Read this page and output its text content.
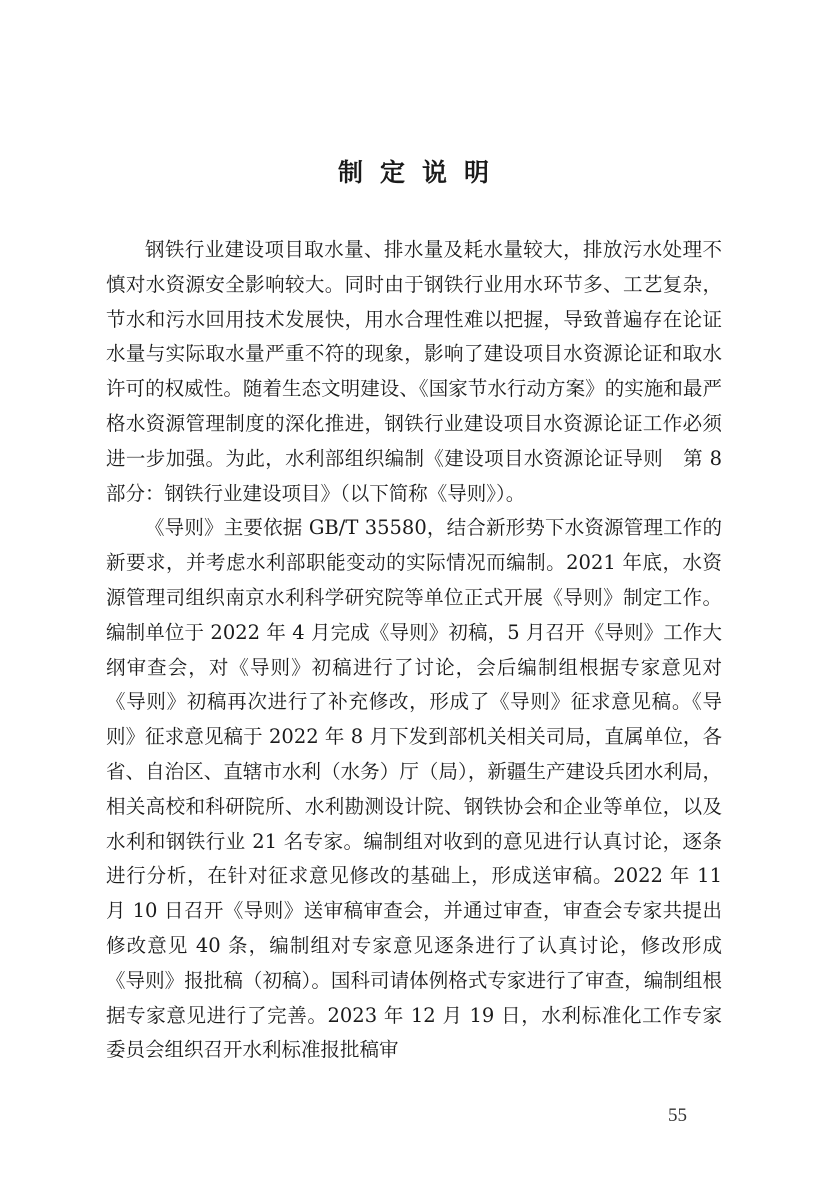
制定说明

钢铁行业建设项目取水量、排水量及耗水量较大，排放污水处理不慎对水资源安全影响较大。同时由于钢铁行业用水环节多、工艺复杂，节水和污水回用技术发展快，用水合理性难以把握，导致普遍存在论证水量与实际取水量严重不符的现象，影响了建设项目水资源论证和取水许可的权威性。随着生态文明建设、《国家节水行动方案》的实施和最严格水资源管理制度的深化推进，钢铁行业建设项目水资源论证工作必须进一步加强。为此，水利部组织编制《建设项目水资源论证导则　第 8 部分：钢铁行业建设项目》（以下简称《导则》）。

《导则》主要依据 GB/T 35580，结合新形势下水资源管理工作的新要求，并考虑水利部职能变动的实际情况而编制。2021 年底，水资源管理司组织南京水利科学研究院等单位正式开展《导则》制定工作。编制单位于 2022 年 4 月完成《导则》初稿，5 月召开《导则》工作大纲审查会，对《导则》初稿进行了讨论，会后编制组根据专家意见对《导则》初稿再次进行了补充修改，形成了《导则》征求意见稿。《导则》征求意见稿于 2022 年 8 月下发到部机关相关司局，直属单位，各省、自治区、直辖市水利（水务）厅（局），新疆生产建设兵团水利局，相关高校和科研院所、水利勘测设计院、钢铁协会和企业等单位，以及水利和钢铁行业 21 名专家。编制组对收到的意见进行认真讨论，逐条进行分析，在针对征求意见修改的基础上，形成送审稿。2022 年 11 月 10 日召开《导则》送审稿审查会，并通过审查，审查会专家共提出修改意见 40 条，编制组对专家意见逐条进行了认真讨论，修改形成《导则》报批稿（初稿）。国科司请体例格式专家进行了审查，编制组根据专家意见进行了完善。2023 年 12 月 19 日，水利标准化工作专家委员会组织召开水利标准报批稿审

55
